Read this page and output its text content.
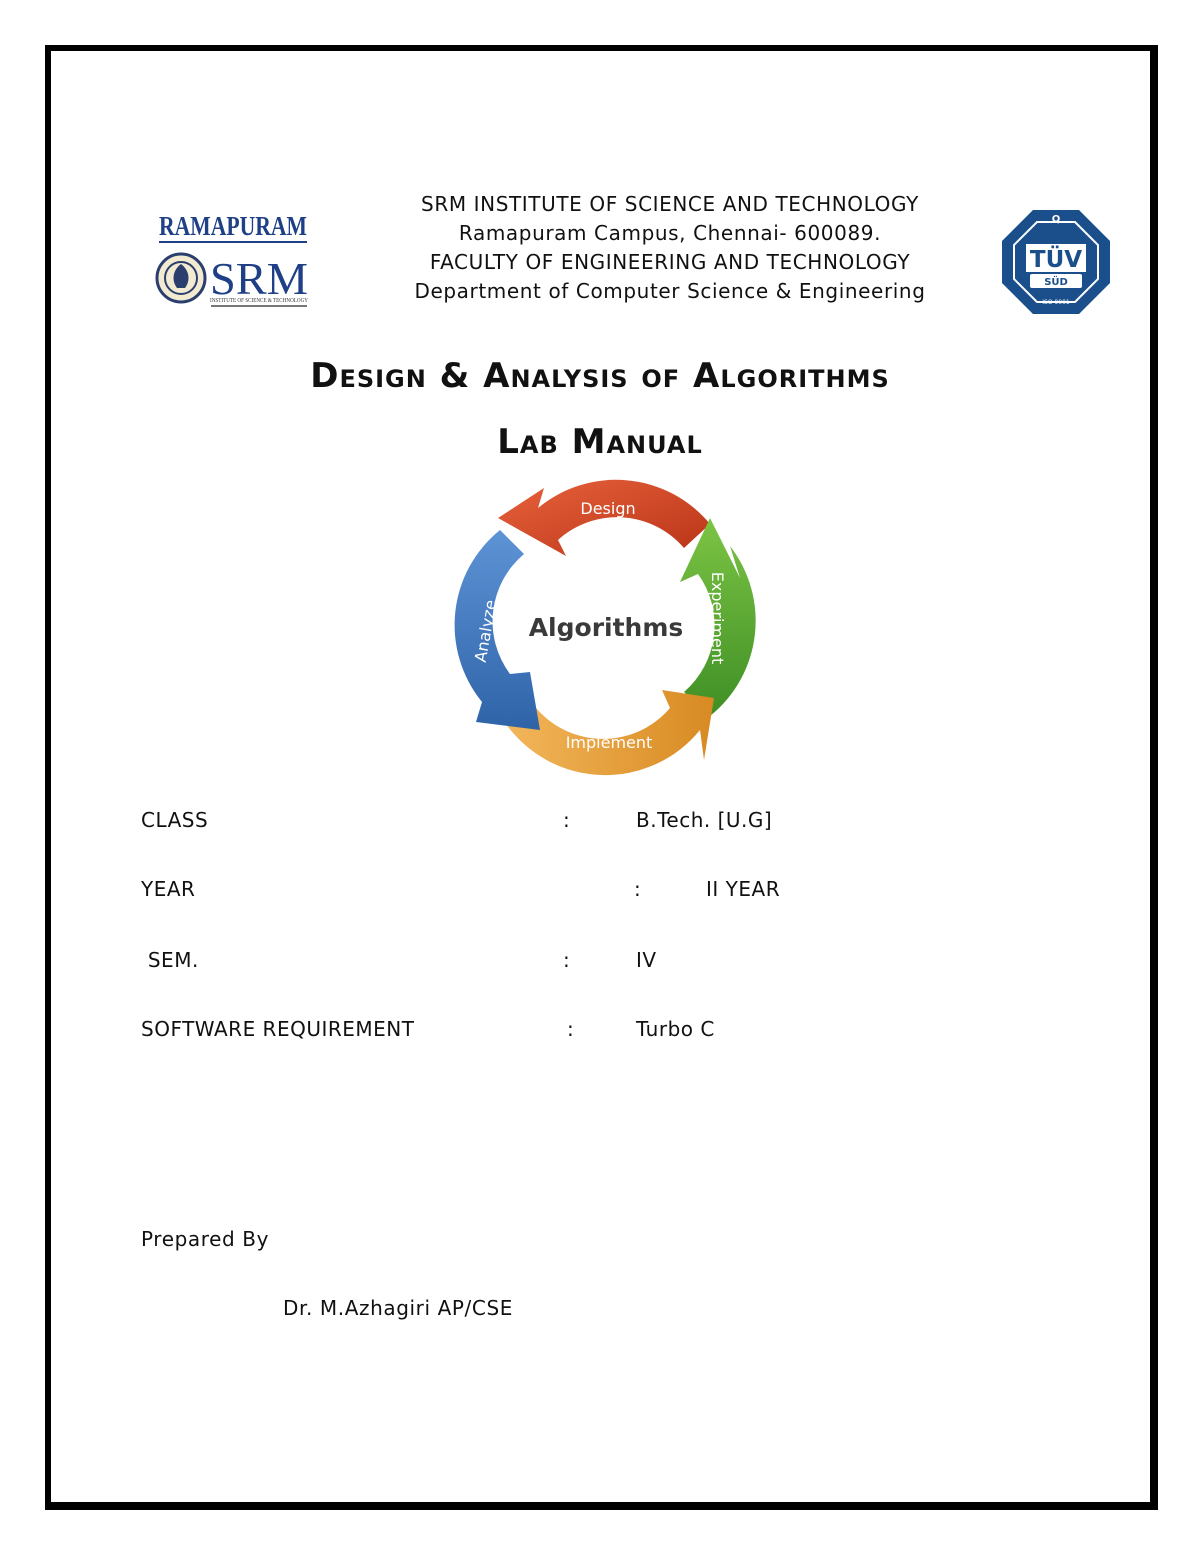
RAMAPURAM
SRM
INSTITUTE OF SCIENCE & TECHNOLOGY
Q
TÜV
SÜD
ISO 9001
SRM INSTITUTE OF SCIENCE AND TECHNOLOGY
Ramapuram Campus, Chennai- 600089.
FACULTY OF ENGINEERING AND TECHNOLOGY
Department of Computer Science & Engineering
Design & Analysis of Algorithms
Lab Manual
Design
Experiment
Implement
Analyze Algorithms
CLASS	:	B.Tech. [U.G]
YEAR	:	II YEAR
SEM.	:	IV
SOFTWARE REQUIREMENT	:	Turbo C
Prepared By
Dr. M.Azhagiri AP/CSE
